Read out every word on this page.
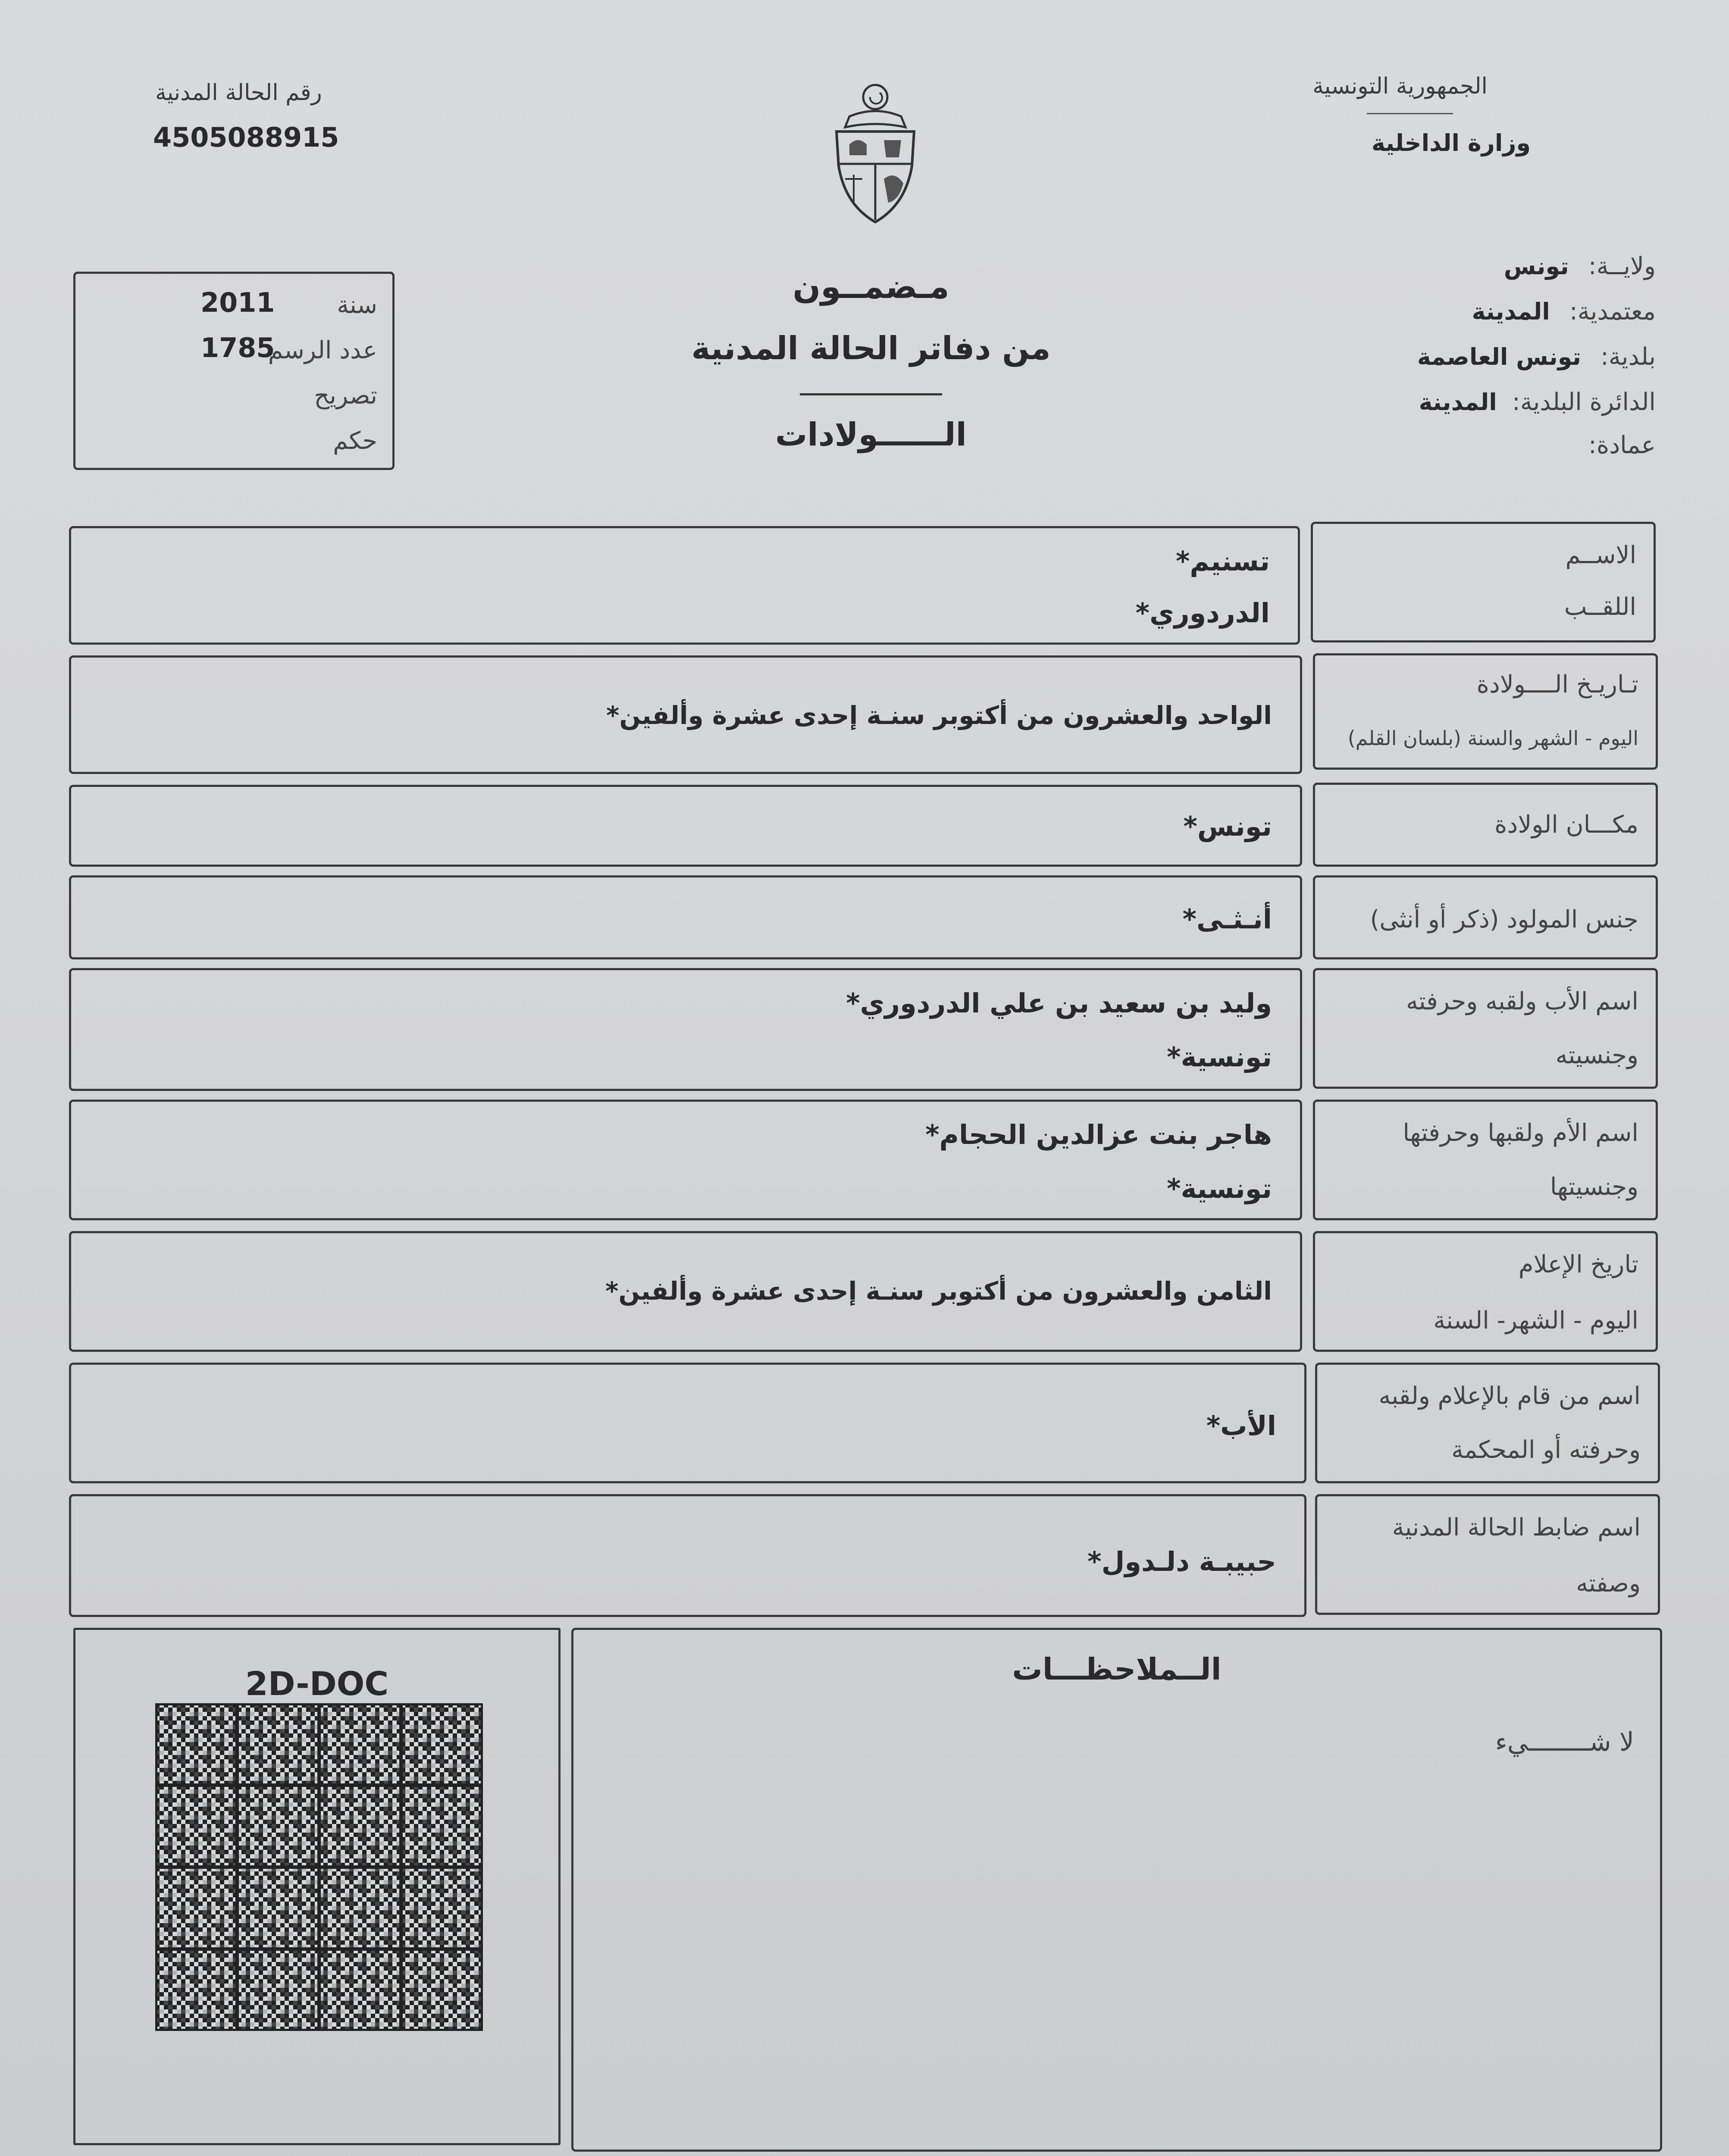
الجمهورية التونسية
وزارة الداخلية
رقم الحالة المدنية
4505088915
ولايــة: تونس
معتمدية: المدينة
بلدية: تونس العاصمة
الدائرة البلدية: المدينة
عمادة:
مـضمــون
من دفاتر الحالة المدنية
الــــــولادات
سنة
2011
عدد الرسم
1785
تصريح
حكم
الاســم
اللقــب
تسنيم*
الدردوري*
تـاريـخ الــــولادة
اليوم - الشهر والسنة (بلسان القلم)
الواحد والعشرون من أكتوبر سنـة إحدى عشرة وألفين*
مكـــان الولادة
تونس*
جنس المولود (ذكر أو أنثى)
أنـثـى*
اسم الأب ولقبه وحرفته
وجنسيته
وليد بن سعيد بن علي الدردوري*
تونسية*
اسم الأم ولقبها وحرفتها
وجنسيتها
هاجر بنت عزالدين الحجام*
تونسية*
تاريخ الإعلام
اليوم - الشهر- السنة
الثامن والعشرون من أكتوبر سنـة إحدى عشرة وألفين*
اسم من قام بالإعلام ولقبه
وحرفته أو المحكمة
الأب*
اسم ضابط الحالة المدنية
وصفته
حبيبـة دلـدول*
الــملاحظـــات
لا شــــــــيء
2D-DOC
